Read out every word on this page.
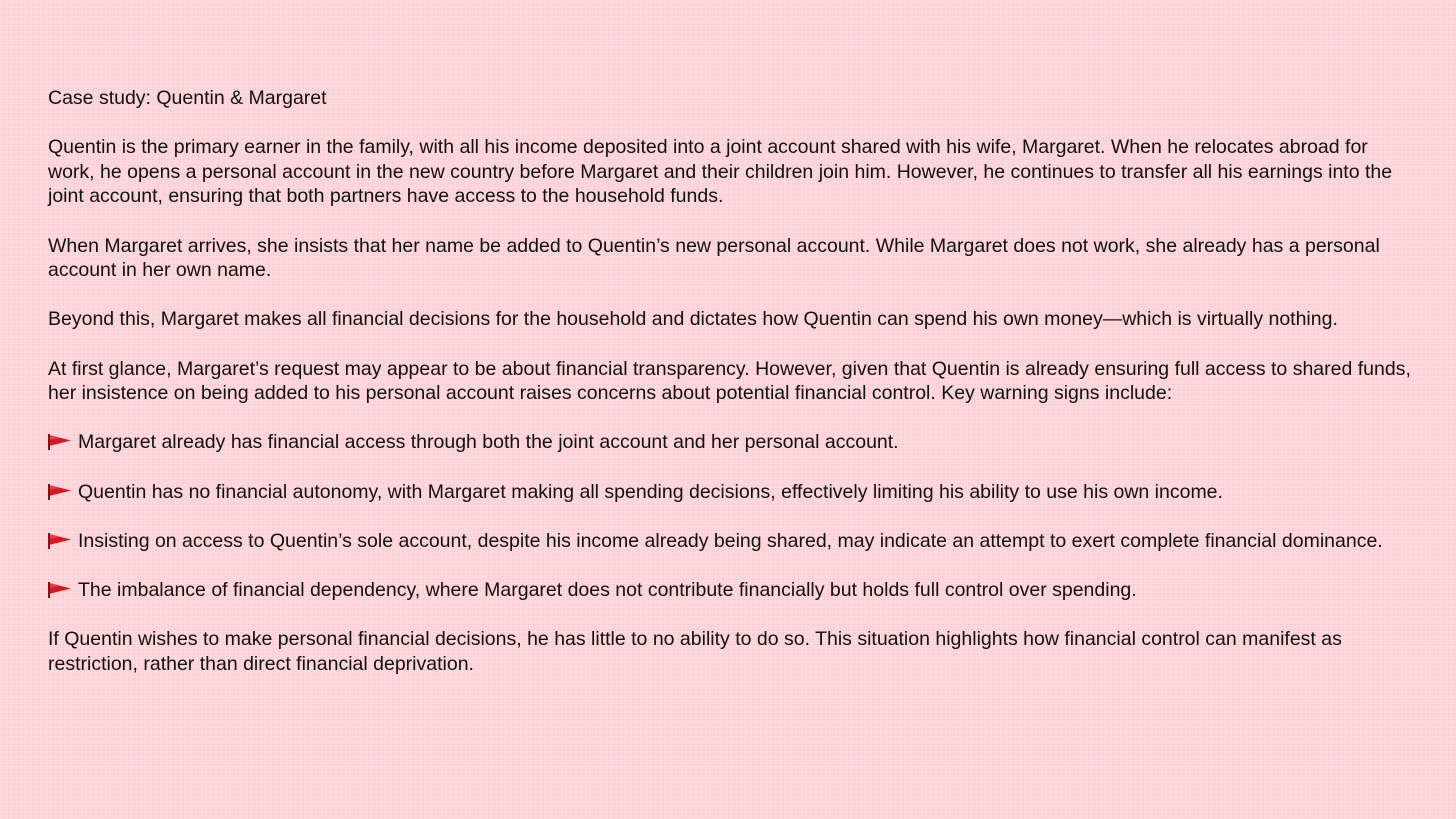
Case study: Quentin & Margaret

Quentin is the primary earner in the family, with all his income deposited into a joint account shared with his wife, Margaret. When he relocates abroad for work, he opens a personal account in the new country before Margaret and their children join him. However, he continues to transfer all his earnings into the joint account, ensuring that both partners have access to the household funds.

When Margaret arrives, she insists that her name be added to Quentin’s new personal account. While Margaret does not work, she already has a personal account in her own name.

Beyond this, Margaret makes all financial decisions for the household and dictates how Quentin can spend his own money—which is virtually nothing.

At first glance, Margaret’s request may appear to be about financial transparency. However, given that Quentin is already ensuring full access to shared funds, her insistence on being added to his personal account raises concerns about potential financial control. Key warning signs include:

Margaret already has financial access through both the joint account and her personal account.
Quentin has no financial autonomy, with Margaret making all spending decisions, effectively limiting his ability to use his own income.
Insisting on access to Quentin’s sole account, despite his income already being shared, may indicate an attempt to exert complete financial dominance.
The imbalance of financial dependency, where Margaret does not contribute financially but holds full control over spending.

If Quentin wishes to make personal financial decisions, he has little to no ability to do so. This situation highlights how financial control can manifest as restriction, rather than direct financial deprivation.
